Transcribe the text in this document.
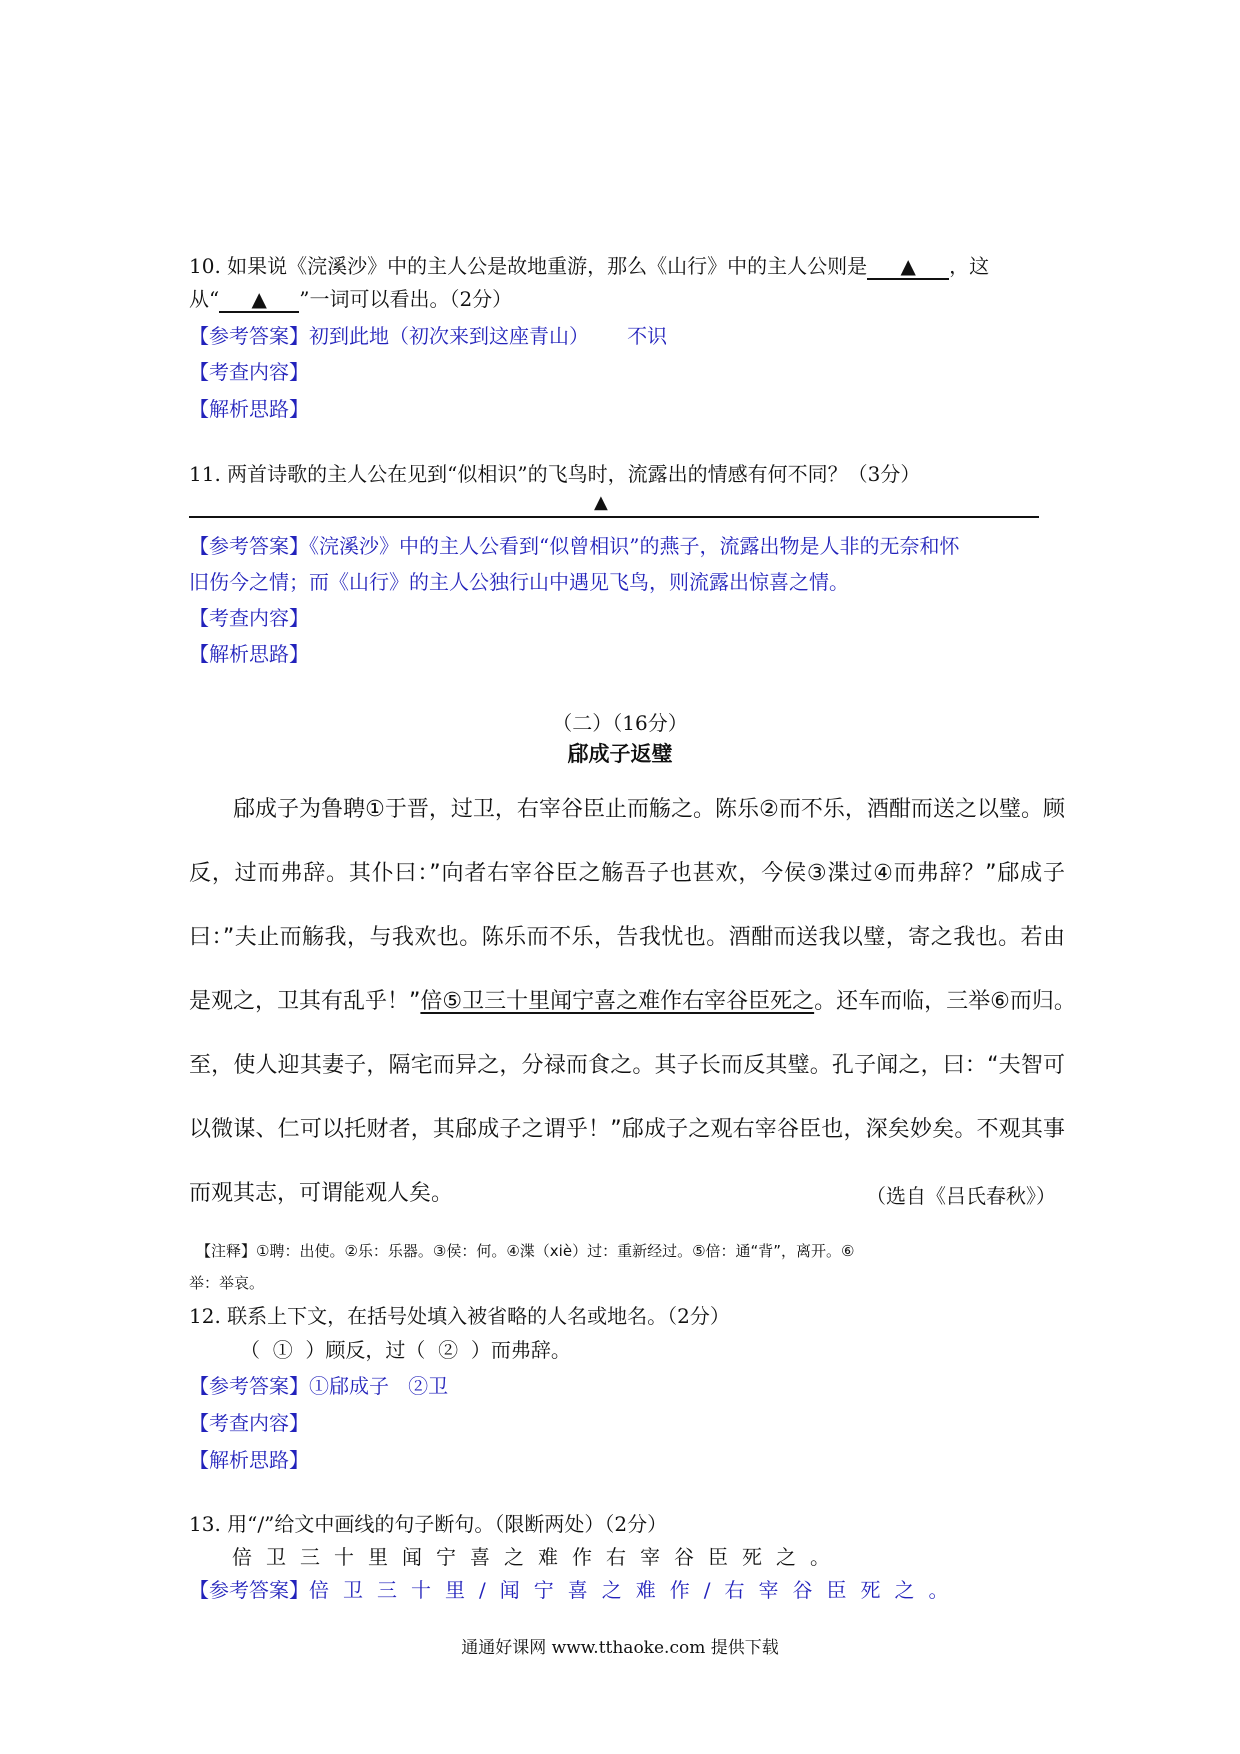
10. 如果说《浣溪沙》中的主人公是故地重游，那么《山行》中的主人公则是 ▲ ，这
从“ ▲ ”一词可以看出。（2分）
【参考答案】初到此地（初次来到这座青山）      不识
【考查内容】
【解析思路】
11. 两首诗歌的主人公在见到“似相识”的飞鸟时，流露出的情感有何不同？（3分）
▲
【参考答案】《浣溪沙》中的主人公看到“似曾相识”的燕子，流露出物是人非的无奈和怀
旧伤今之情；而《山行》的主人公独行山中遇见飞鸟，则流露出惊喜之情。
【考查内容】
【解析思路】
（二）（16分）
郈成子返璧
郈成子为鲁聘①于晋，过卫，右宰谷臣止而觞之。陈乐②而不乐，酒酣而送之以璧。顾
反，过而弗辞。其仆曰：”向者右宰谷臣之觞吾子也甚欢，今侯③渫过④而弗辞？”郈成子
曰：”夫止而觞我，与我欢也。陈乐而不乐，告我忧也。酒酣而送我以璧，寄之我也。若由
是观之，卫其有乱乎！”倍⑤卫三十里闻宁喜之难作右宰谷臣死之。还车而临，三举⑥而归。
至，使人迎其妻子，隔宅而异之，分禄而食之。其子长而反其璧。孔子闻之，曰：“夫智可
以微谋、仁可以托财者，其郈成子之谓乎！”郈成子之观右宰谷臣也，深矣妙矣。不观其事
而观其志，可谓能观人矣。	（选自《吕氏春秋》）
【注释】①聘：出使。②乐：乐器。③侯：何。④渫（xiè）过：重新经过。⑤倍：通“背”，离开。⑥
举：举哀。
12. 联系上下文，在括号处填入被省略的人名或地名。（2分）
（  ①  ）顾反，过（  ②  ）而弗辞。
【参考答案】①郈成子   ②卫
【考查内容】
【解析思路】
13. 用“/”给文中画线的句子断句。（限断两处）（2分）
倍卫三十里闻宁喜之难作右宰谷臣死之。
【参考答案】倍卫三十里/闻宁喜之难作/右宰谷臣死之。
通通好课网 www.tthaoke.com 提供下载
